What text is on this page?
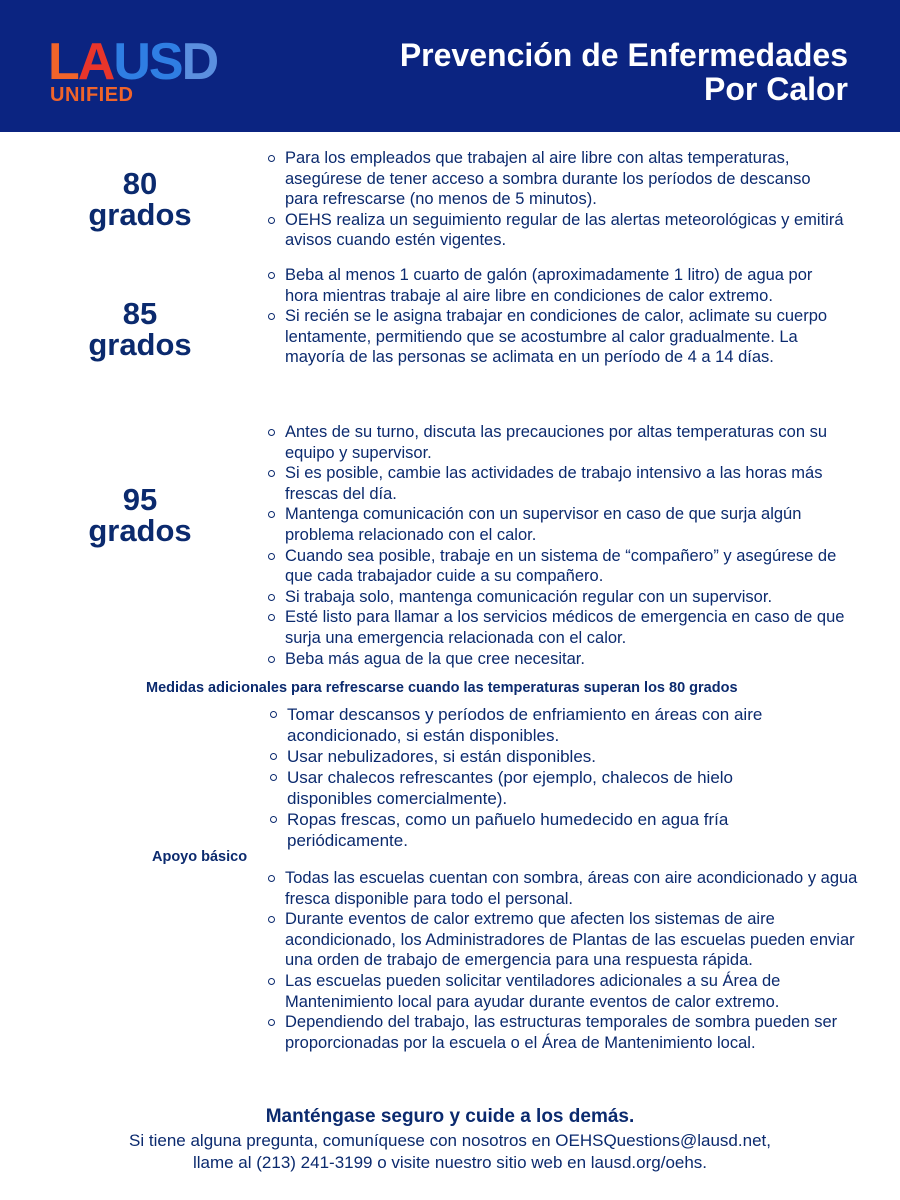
LAUSD
UNIFIED
Prevención de Enfermedades
Por Calor
80
grados
Para los empleados que trabajen al aire libre con altas temperaturas, asegúrese de tener acceso a sombra durante los períodos de descanso para refrescarse (no menos de 5 minutos).
OEHS realiza un seguimiento regular de las alertas meteorológicas y emitirá avisos cuando estén vigentes.
85
grados
Beba al menos 1 cuarto de galón (aproximadamente 1 litro) de agua por hora mientras trabaje al aire libre en condiciones de calor extremo.
Si recién se le asigna trabajar en condiciones de calor, aclimate su cuerpo lentamente, permitiendo que se acostumbre al calor gradualmente. La mayoría de las personas se aclimata en un período de 4 a 14 días.
95
grados
Antes de su turno, discuta las precauciones por altas temperaturas con su equipo y supervisor.
Si es posible, cambie las actividades de trabajo intensivo a las horas más frescas del día.
Mantenga comunicación con un supervisor en caso de que surja algún problema relacionado con el calor.
Cuando sea posible, trabaje en un sistema de “compañero” y asegúrese de que cada trabajador cuide a su compañero.
Si trabaja solo, mantenga comunicación regular con un supervisor.
Esté listo para llamar a los servicios médicos de emergencia en caso de que surja una emergencia relacionada con el calor.
Beba más agua de la que cree necesitar.
Medidas adicionales para refrescarse cuando las temperaturas superan los 80 grados
Tomar descansos y períodos de enfriamiento en áreas con aire acondicionado, si están disponibles.
Usar nebulizadores, si están disponibles.
Usar chalecos refrescantes (por ejemplo, chalecos de hielo disponibles comercialmente).
Ropas frescas, como un pañuelo humedecido en agua fría periódicamente.
Apoyo básico
Todas las escuelas cuentan con sombra, áreas con aire acondicionado y agua fresca disponible para todo el personal.
Durante eventos de calor extremo que afecten los sistemas de aire acondicionado, los Administradores de Plantas de las escuelas pueden enviar una orden de trabajo de emergencia para una respuesta rápida.
Las escuelas pueden solicitar ventiladores adicionales a su Área de Mantenimiento local para ayudar durante eventos de calor extremo.
Dependiendo del trabajo, las estructuras temporales de sombra pueden ser proporcionadas por la escuela o el Área de Mantenimiento local.
Manténgase seguro y cuide a los demás.
Si tiene alguna pregunta, comuníquese con nosotros en OEHSQuestions@lausd.net,
llame al (213) 241-3199 o visite nuestro sitio web en lausd.org/oehs.
